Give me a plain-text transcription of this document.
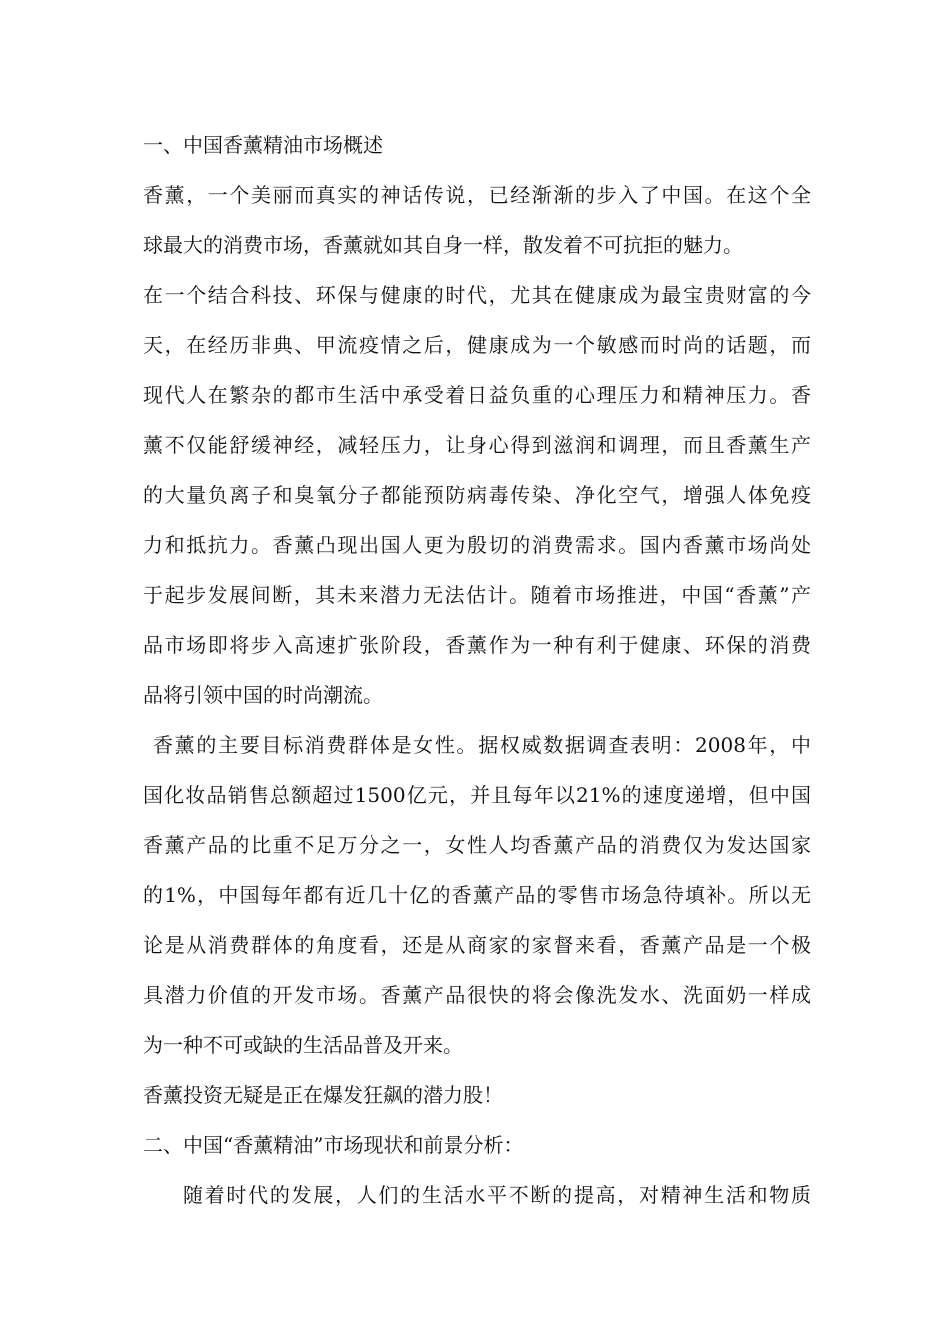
一、中国香薰精油市场概述
香薰，一个美丽而真实的神话传说，已经渐渐的步入了中国。在这个全
球最大的消费市场，香薰就如其自身一样，散发着不可抗拒的魅力。
在一个结合科技、环保与健康的时代，尤其在健康成为最宝贵财富的今
天，在经历非典、甲流疫情之后，健康成为一个敏感而时尚的话题，而
现代人在繁杂的都市生活中承受着日益负重的心理压力和精神压力。香
薰不仅能舒缓神经，减轻压力，让身心得到滋润和调理，而且香薰生产
的大量负离子和臭氧分子都能预防病毒传染、净化空气，增强人体免疫
力和抵抗力。香薰凸现出国人更为殷切的消费需求。国内香薰市场尚处
于起步发展间断，其未来潜力无法估计。随着市场推进，中国“香薰”产
品市场即将步入高速扩张阶段，香薰作为一种有利于健康、环保的消费
品将引领中国的时尚潮流。
香薰的主要目标消费群体是女性。据权威数据调查表明：2008年，中
国化妆品销售总额超过1500亿元，并且每年以21%的速度递增，但中国
香薰产品的比重不足万分之一，女性人均香薰产品的消费仅为发达国家
的1%，中国每年都有近几十亿的香薰产品的零售市场急待填补。所以无
论是从消费群体的角度看，还是从商家的家督来看，香薰产品是一个极
具潜力价值的开发市场。香薰产品很快的将会像洗发水、洗面奶一样成
为一种不可或缺的生活品普及开来。
香薰投资无疑是正在爆发狂飙的潜力股！
二、中国“香薰精油”市场现状和前景分析：
随着时代的发展，人们的生活水平不断的提高，对精神生活和物质
